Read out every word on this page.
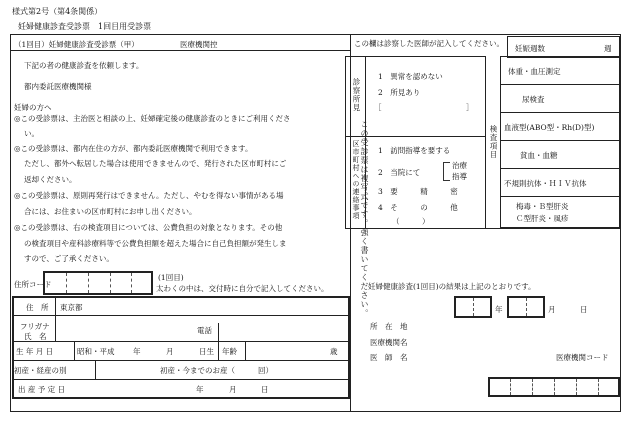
様式第2号（第4条関係）
妊婦健康診査受診票　1回目用受診票
（1回目）妊婦健康診査受診票（甲）	医療機関控
下記の者の健康診査を依頼します。
都内委託医療機関様
妊婦の方へ
◎この受診票は、主治医と相談の上、妊婦確定後の健康診査のときにご利用くださ
い。
◎この受診票は、都内在住の方が、都内委託医療機関で利用できます。
ただし、都外へ転居した場合は使用できませんので、発行された区市町村にご
返却ください。
◎この受診票は、原則再発行はできません。ただし、やむを得ない事情がある場
合には、お住まいの区市町村にお申し出ください。
◎この受診票は、右の検査項目については、公費負担の対象となります。その他
の検査項目や産科診療料等で公費負担額を超えた場合に自己負担額が発生しま
すので、ご了承ください。
住所コード
(1回目)
太わくの中は、交付時に自分で記入してください。
住　所 東京都
フリガナ
氏　名
電話
生 年 月 日	昭和・平成 年	月	日生 年齢	歳
初産・経産の別	初産・今までのお産（	回）
出 産 予 定 日	年	月	日
この受診票は複写式です。強く書いてください。
この欄は診察した医師が記入してください。
妊娠週数	週
診察所見
1　異常を認めない
2　所見あり
［	］
区市町村への連絡事項 1　訪問指導を要する
2　当院にて
治療
指導
3　要　　　精　　　密
4　そ　　　の　　　他
（　　　）
検査項目
体重・血圧測定
尿検査
血液型(ABO型・Rh(D)型)
貧血・血糖
不規則抗体・ＨＩＶ抗体
梅毒・Ｂ型肝炎
Ｃ型肝炎・風疹
妊婦健康診査(1回目)の結果は上記のとおりです。
年	月	日
所　在　地
医療機関名
医　師　名	医療機関コード
